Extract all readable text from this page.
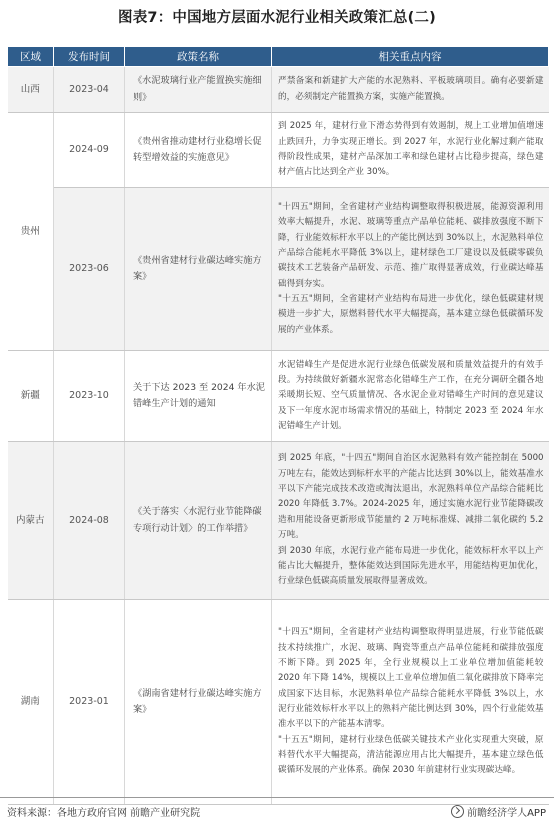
图表7：中国地方层面水泥行业相关政策汇总(二)
区域	发布时间	政策名称	相关重点内容
山西	2023-04	《水泥玻璃行业产能置换实施细则》	严禁备案和新建扩大产能的水泥熟料、平板玻璃项目。确有必要新建的，必须制定产能置换方案，实施产能置换。

贵州	2024-09	《贵州省推动建材行业稳增长促转型增效益的实施意见》	到 2025 年，建材行业下滑态势得到有效遏制，规上工业增加值增速止跌回升，力争实现正增长。到 2027 年，水泥行业化解过剩产能取得阶段性成果，建材产品深加工率和绿色建材占比稳步提高，绿色建材产值占比达到全产业 30%。

	2023-06	《贵州省建材行业碳达峰实施方案》	"十四五"期间，全省建材产业结构调整取得积极进展，能源资源利用效率大幅提升，水泥、玻璃等重点产品单位能耗、碳排放强度不断下降，行业能效标杆水平以上的产能比例达到 30%以上，水泥熟料单位产品综合能耗水平降低 3%以上，建材绿色工厂建设以及低碳零碳负碳技术工艺装备产品研发、示范、推广取得显著成效，行业碳达峰基础得到夯实。

"十五五"期间，全省建材产业结构布局进一步优化，绿色低碳建材规模进一步扩大，原燃料替代水平大幅提高，基本建立绿色低碳循环发展的产业体系。

新疆	2023-10	关于下达 2023 至 2024 年水泥错峰生产计划的通知	水泥错峰生产是促进水泥行业绿色低碳发展和质量效益提升的有效手段。为持续做好新疆水泥常态化错峰生产工作，在充分调研全疆各地采暖期长短、空气质量情况、各水泥企业对错峰生产时间的意见建议及下一年度水泥市场需求情况的基础上，特制定 2023 至 2024 年水泥错峰生产计划。

内蒙古	2024-08	《关于落实〈水泥行业节能降碳专项行动计划〉的工作举措》	到 2025 年底，"十四五"期间自治区水泥熟料有效产能控制在 5000 万吨左右，能效达到标杆水平的产能占比达到 30%以上，能效基准水平以下产能完成技术改造或淘汰退出，水泥熟料单位产品综合能耗比 2020 年降低 3.7%。2024-2025 年，通过实施水泥行业节能降碳改造和用能设备更新形成节能量约 2 万吨标准煤、减排二氧化碳约 5.2 万吨。

到 2030 年底，水泥行业产能布局进一步优化，能效标杆水平以上产能占比大幅提升，整体能效达到国际先进水平，用能结构更加优化，行业绿色低碳高质量发展取得显著成效。

湖南	2023-01	《湖南省建材行业碳达峰实施方案》	"十四五"期间，全省建材产业结构调整取得明显进展，行业节能低碳技术持续推广，水泥、玻璃、陶瓷等重点产品单位能耗和碳排放强度不断下降。到 2025 年，全行业规模以上工业单位增加值能耗较 2020 年下降 14%，规模以上工业单位增加值二氧化碳排放下降率完成国家下达目标，水泥熟料单位产品综合能耗水平降低 3%以上，水泥行业能效标杆水平以上的熟料产能比例达到 30%，四个行业能效基准水平以下的产能基本清零。

"十五五"期间，建材行业绿色低碳关键技术产业化实现重大突破，原料替代水平大幅提高，清洁能源应用占比大幅提升，基本建立绿色低碳循环发展的产业体系。确保 2030 年前建材行业实现碳达峰。

资料来源：各地方政府官网 前瞻产业研究院	前瞻经济学人APP
